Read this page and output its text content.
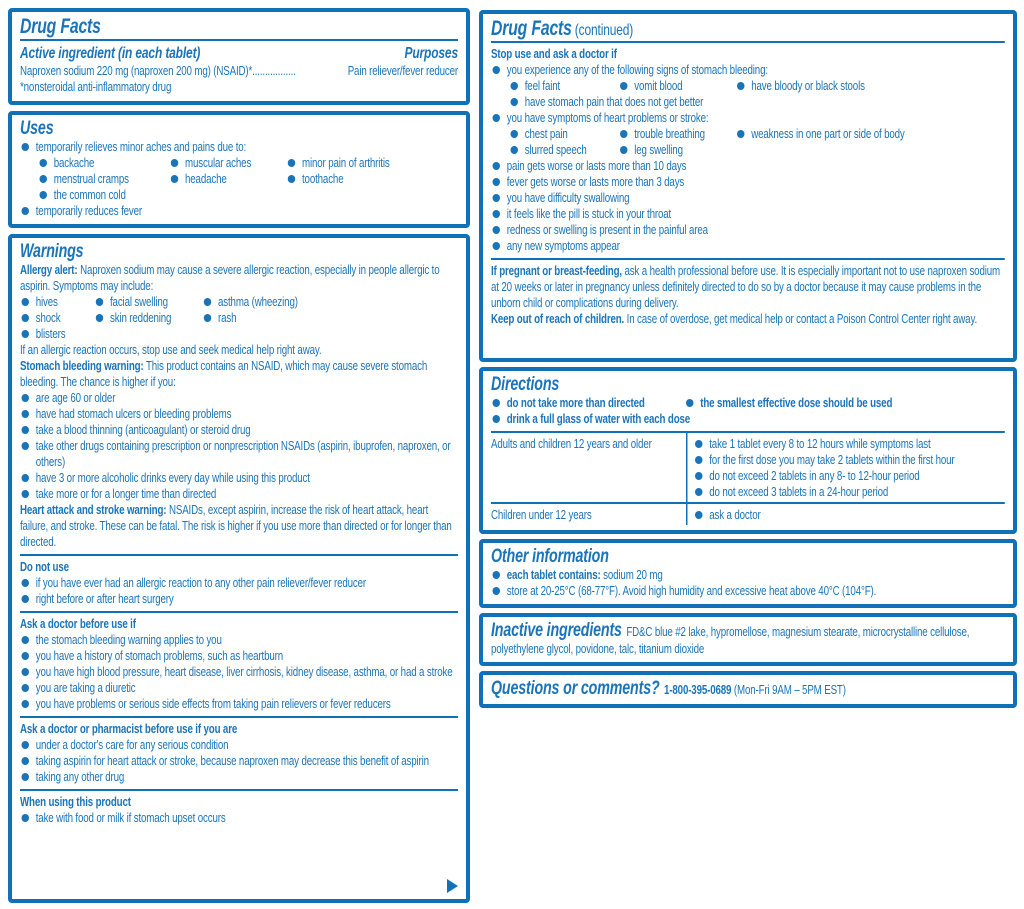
Drug Facts
Active ingredient (in each tablet)	Purposes
Naproxen sodium 220 mg (naproxen 200 mg) (NSAID)* .................	Pain reliever/fever reducer
*nonsteroidal anti-inflammatory drug
Uses
temporarily relieves minor aches and pains due to:
backache	muscular aches	minor pain of arthritis
menstrual cramps	headache	toothache
the common cold
temporarily reduces fever
Warnings
Allergy alert: Naproxen sodium may cause a severe allergic reaction, especially in people allergic to aspirin. Symptoms may include:
hives	facial swelling	asthma (wheezing)
shock	skin reddening	rash
blisters
If an allergic reaction occurs, stop use and seek medical help right away.
Stomach bleeding warning: This product contains an NSAID, which may cause severe stomach bleeding. The chance is higher if you:
are age 60 or older
have had stomach ulcers or bleeding problems
take a blood thinning (anticoagulant) or steroid drug
take other drugs containing prescription or nonprescription NSAIDs (aspirin, ibuprofen, naproxen, or others)
have 3 or more alcoholic drinks every day while using this product
take more or for a longer time than directed
Heart attack and stroke warning: NSAIDs, except aspirin, increase the risk of heart attack, heart failure, and stroke. These can be fatal. The risk is higher if you use more than directed or for longer than directed.
Do not use
if you have ever had an allergic reaction to any other pain reliever/fever reducer
right before or after heart surgery
Ask a doctor before use if
the stomach bleeding warning applies to you
you have a history of stomach problems, such as heartburn
you have high blood pressure, heart disease, liver cirrhosis, kidney disease, asthma, or had a stroke
you are taking a diuretic
you have problems or serious side effects from taking pain relievers or fever reducers
Ask a doctor or pharmacist before use if you are
under a doctor's care for any serious condition
taking aspirin for heart attack or stroke, because naproxen may decrease this benefit of aspirin
taking any other drug
When using this product
take with food or milk if stomach upset occurs
Drug Facts (continued)
Stop use and ask a doctor if
you experience any of the following signs of stomach bleeding:
feel faint	vomit blood	have bloody or black stools
have stomach pain that does not get better
you have symptoms of heart problems or stroke:
chest pain	trouble breathing	weakness in one part or side of body
slurred speech	leg swelling
pain gets worse or lasts more than 10 days
fever gets worse or lasts more than 3 days
you have difficulty swallowing
it feels like the pill is stuck in your throat
redness or swelling is present in the painful area
any new symptoms appear
If pregnant or breast-feeding, ask a health professional before use. It is especially important not to use naproxen sodium at 20 weeks or later in pregnancy unless definitely directed to do so by a doctor because it may cause problems in the unborn child or complications during delivery.
Keep out of reach of children. In case of overdose, get medical help or contact a Poison Control Center right away.
Directions
do not take more than directed	the smallest effective dose should be used
drink a full glass of water with each dose
Adults and children 12 years and older	take 1 tablet every 8 to 12 hours while symptoms last
for the first dose you may take 2 tablets within the first hour
do not exceed 2 tablets in any 8- to 12-hour period
do not exceed 3 tablets in a 24-hour period
Children under 12 years	ask a doctor
Other information
each tablet contains: sodium 20 mg
store at 20-25°C (68-77°F). Avoid high humidity and excessive heat above 40°C (104°F).
Inactive ingredients FD&C blue #2 lake, hypromellose, magnesium stearate, microcrystalline cellulose, polyethylene glycol, povidone, talc, titanium dioxide
Questions or comments? 1-800-395-0689 (Mon-Fri 9AM – 5PM EST)
